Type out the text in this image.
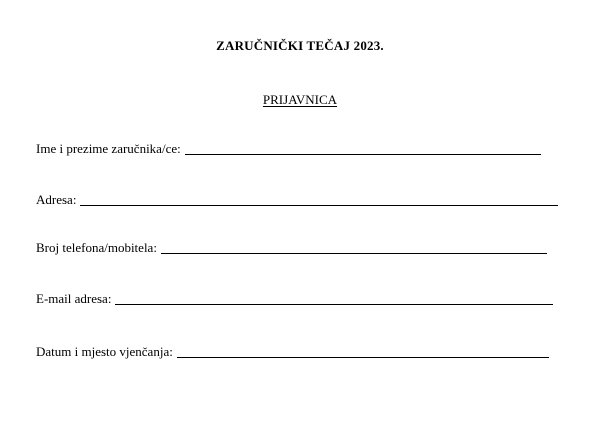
ZARUČNIČKI TEČAJ 2023.
PRIJAVNICA
Ime i prezime zaručnika/ce:
Adresa:
Broj telefona/mobitela:
E-mail adresa:
Datum i mjesto vjenčanja:
